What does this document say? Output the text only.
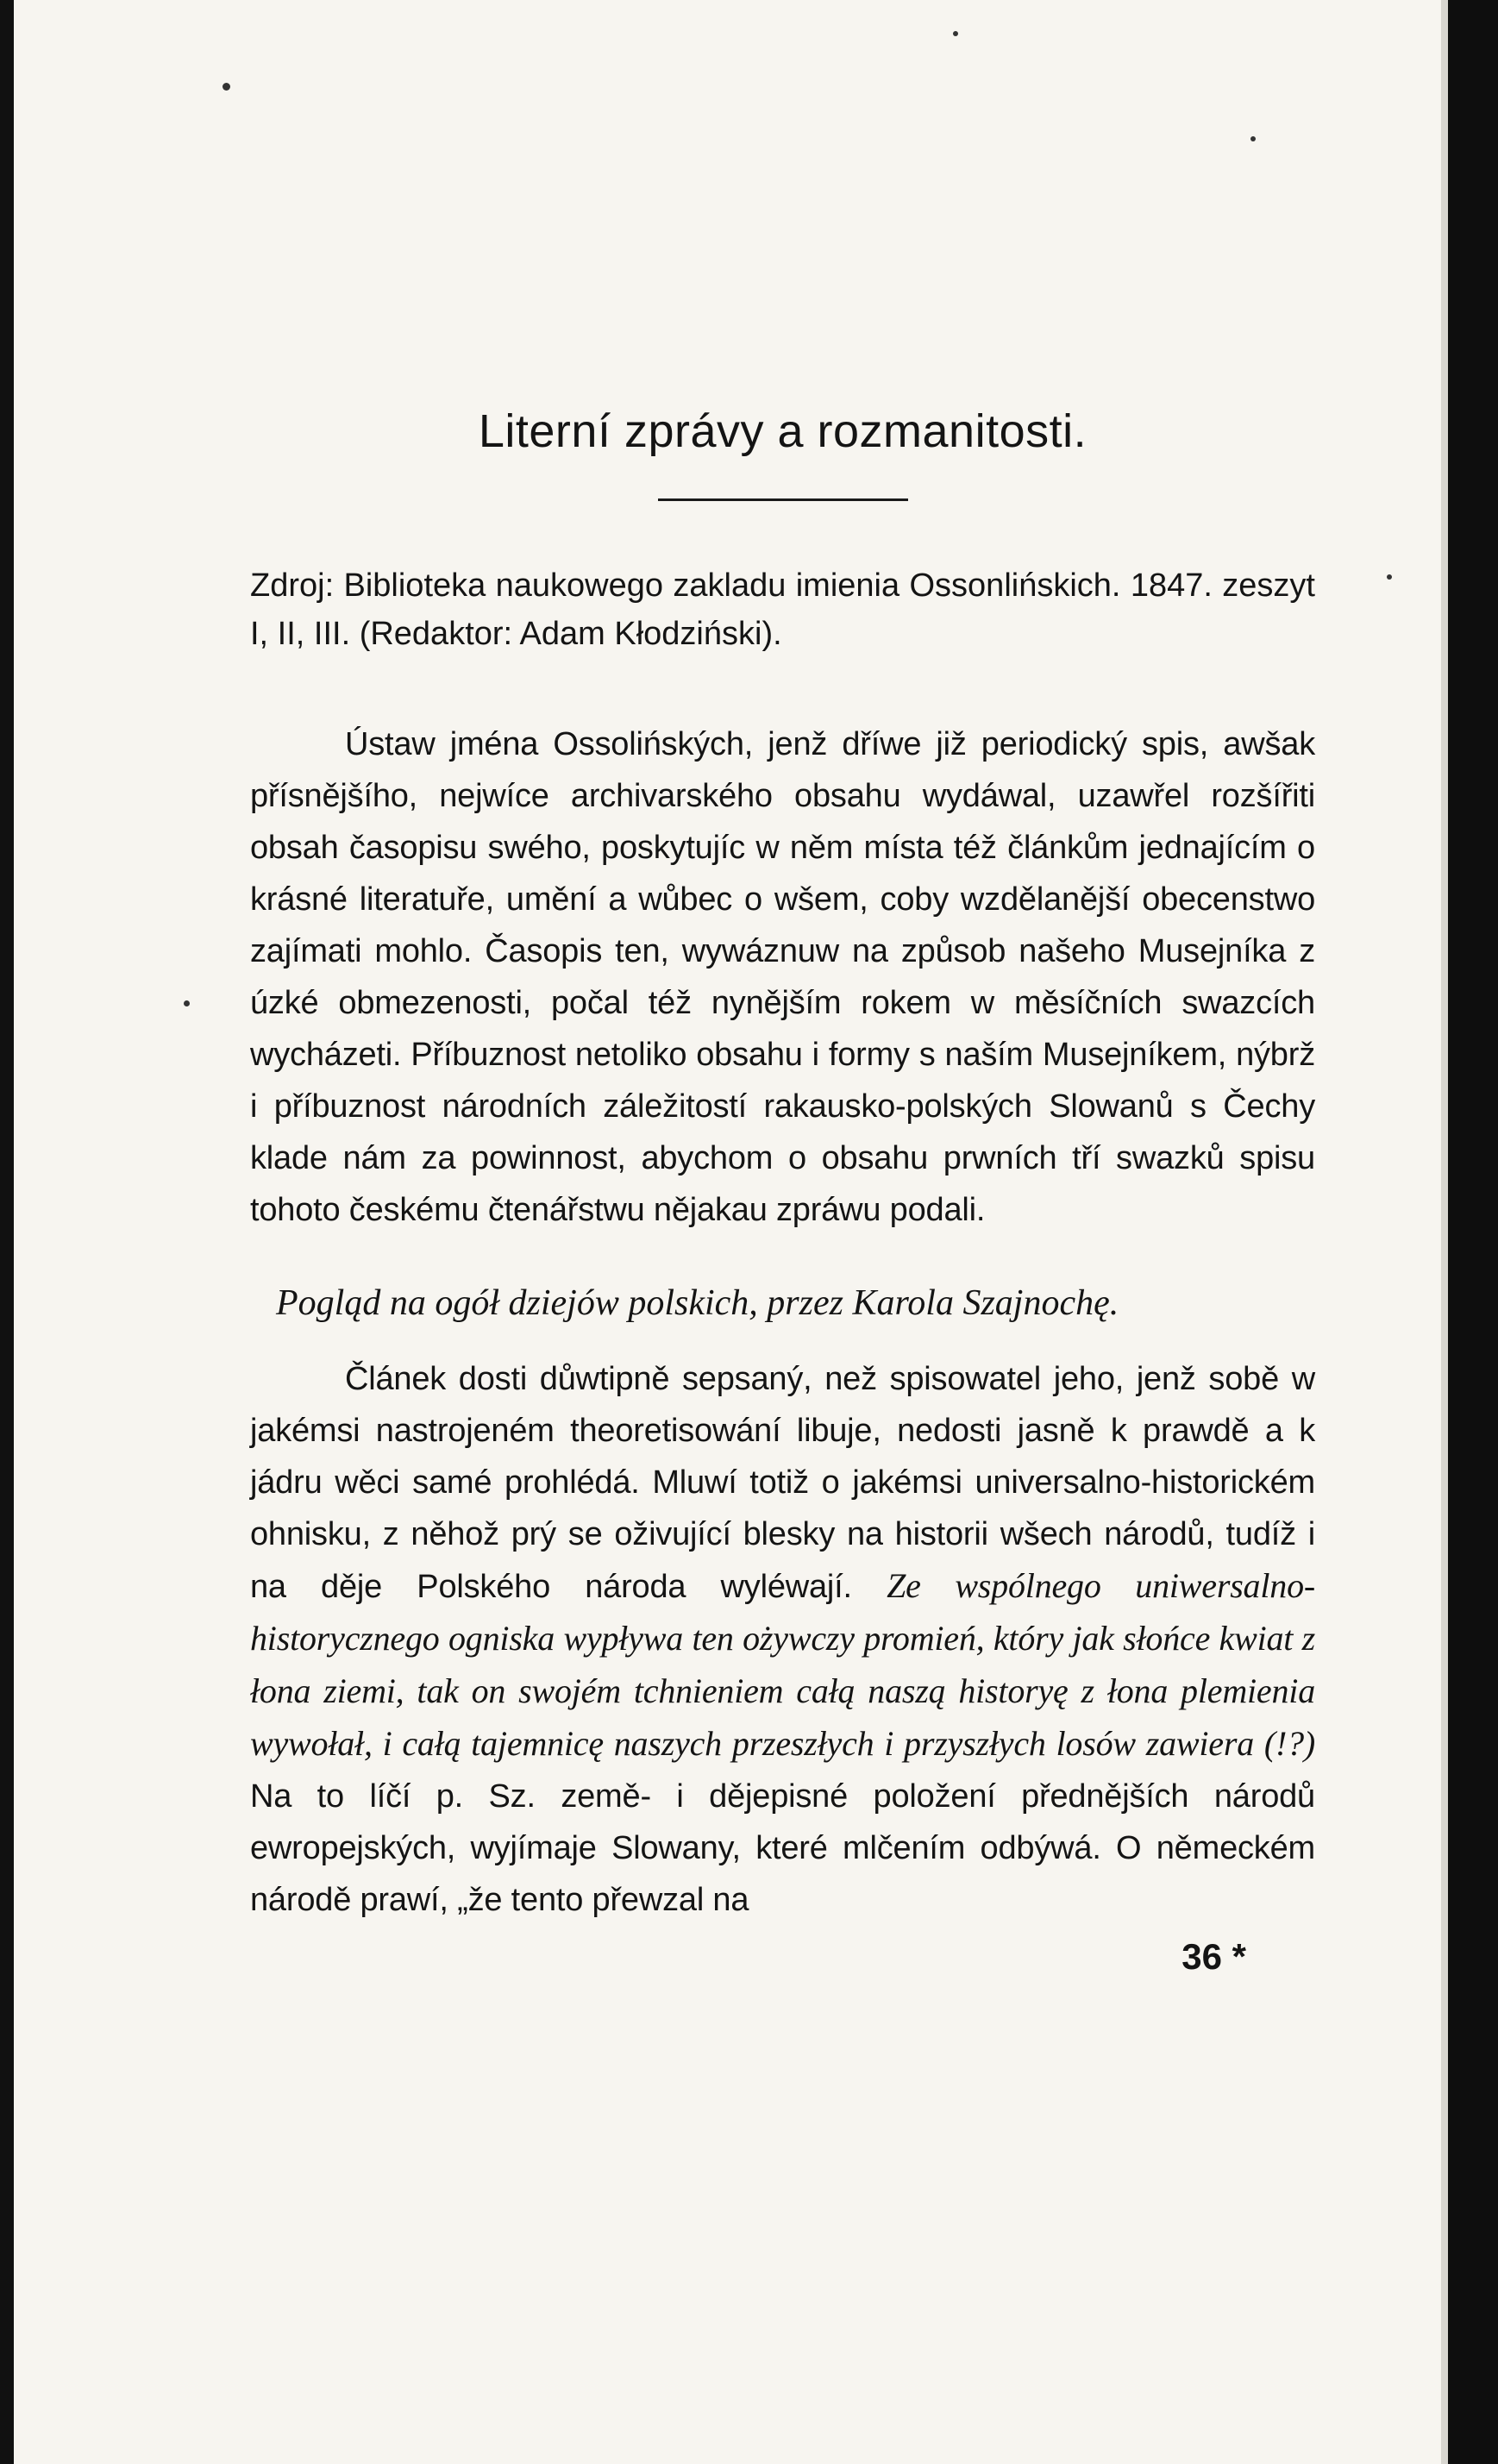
Literní zprávy a rozmanitosti.

Zdroj: Biblioteka naukowego zakladu imienia Ossonlińskich. 1847. zeszyt I, II, III. (Redaktor: Adam Kłodziński).

Ústaw jména Ossolińských, jenž dříwe již periodický spis, awšak přísnějšího, nejwíce archivarského obsahu wydáwal, uzawřel rozšířiti obsah časopisu swého, poskytujíc w něm místa též článkům jednajícím o krásné literatuře, umění a wůbec o wšem, coby wzdělanější obecenstwo zajímati mohlo. Časopis ten, wywáznuw na způsob našeho Musejníka z úzké obmezenosti, počal též nynějším rokem w měsíčních swazcích wycházeti. Příbuznost netoliko obsahu i formy s naším Musejníkem, nýbrž i příbuznost národních záležitostí rakausko-polských Slowanů s Čechy klade nám za powinnost, abychom o obsahu prwních tří swazků spisu tohoto českému čtenářstwu nějakau zpráwu podali.

Pogląd na ogół dziejów polskich, przez Karola Szajnochę.

Článek dosti důwtipně sepsaný, než spisowatel jeho, jenž sobě w jakémsi nastrojeném theoretisowání libuje, nedosti jasně k prawdě a k jádru wěci samé prohlédá. Mluwí totiž o jakémsi universalno-historickém ohnisku, z něhož prý se oživující blesky na historii wšech národů, tudíž i na děje Polského národa wyléwají. Ze wspólnego uniwersalno-historycznego ogniska wypływa ten ożywczy promień, który jak słońce kwiat z łona ziemi, tak on swojém tchnieniem całą naszą historyę z łona plemienia wywołał, i całą tajemnicę naszych przeszłych i przyszłych losów zawiera (!?) Na to líčí p. Sz. země- i dějepisné položení přednějších národů ewropejských, wyjímaje Slowany, které mlčením odbýwá. O německém národě prawí, „že tento přewzal na

36 *
